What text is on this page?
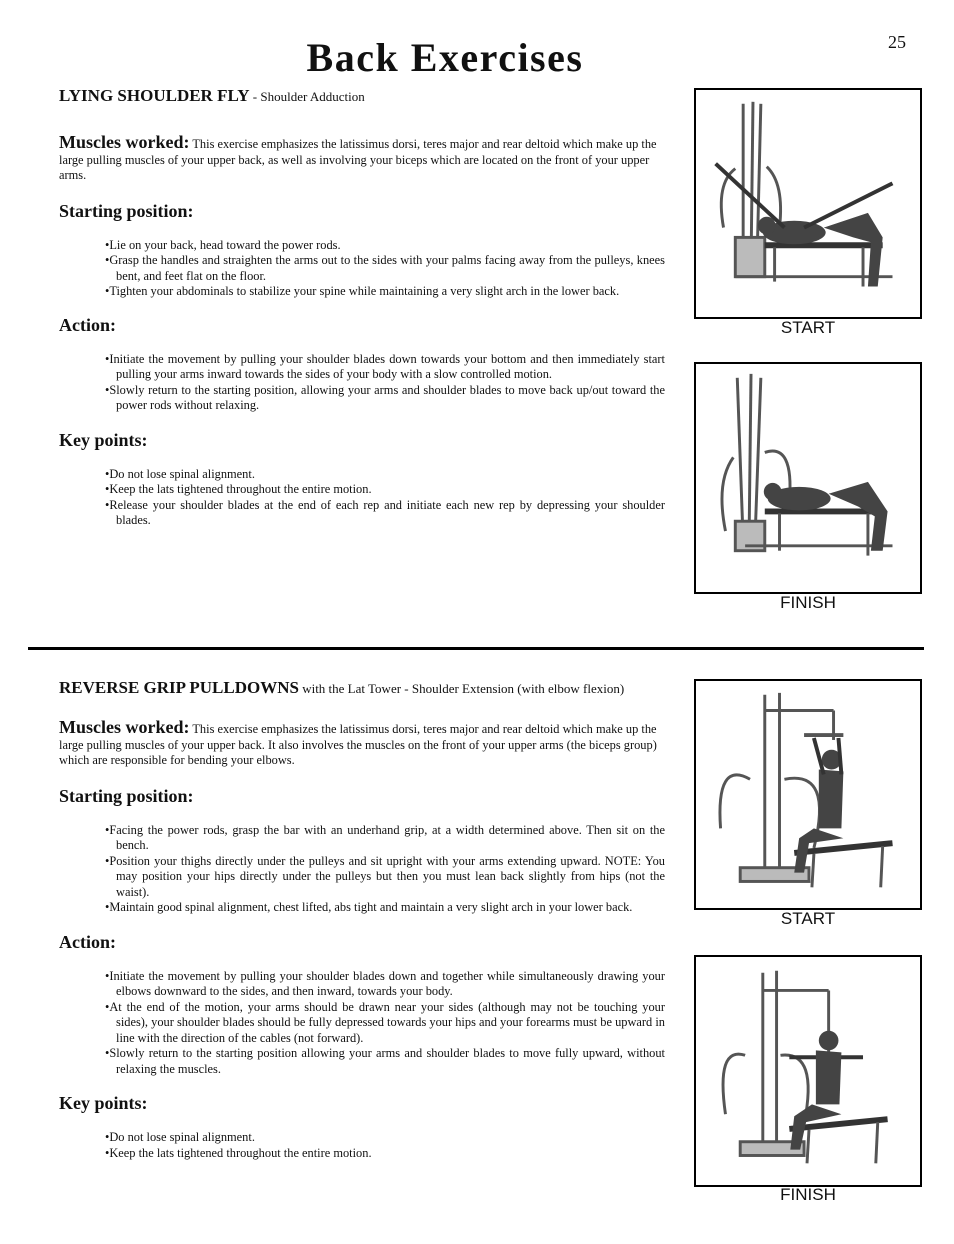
25
Back Exercises

LYING SHOULDER FLY - Shoulder Adduction

Muscles worked: This exercise emphasizes the latissimus dorsi, teres major and rear deltoid which make up the large pulling muscles of your upper back, as well as involving your biceps which are located on the front of your upper arms.

Starting position:

• Lie on your back, head toward the power rods.
• Grasp the handles and straighten the arms out to the sides with your palms facing away from the pulleys, knees bent, and feet flat on the floor.
• Tighten your abdominals to stabilize your spine while maintaining a very slight arch in the lower back.

Action:

• Initiate the movement by pulling your shoulder blades down towards your bottom and then immediately start pulling your arms inward towards the sides of your body with a slow controlled motion.
• Slowly return to the starting position, allowing your arms and shoulder blades to move back up/out toward the power rods without relaxing.

Key points:

• Do not lose spinal alignment.
• Keep the lats tightened throughout the entire motion.
• Release your shoulder blades at the end of each rep and initiate each new rep by depressing your shoulder blades.
START
FINISH

REVERSE GRIP PULLDOWNS with the Lat Tower - Shoulder Extension (with elbow flexion)

Muscles worked: This exercise emphasizes the latissimus dorsi, teres major and rear deltoid which make up the large pulling muscles of your upper back. It also involves the muscles on the front of your upper arms (the biceps group) which are responsible for bending your elbows.

Starting position:

• Facing the power rods, grasp the bar with an underhand grip, at a width determined above. Then sit on the bench.
• Position your thighs directly under the pulleys and sit upright with your arms extending upward. NOTE: You may position your hips directly under the pulleys but then you must lean back slightly from hips (not the waist).
• Maintain good spinal alignment, chest lifted, abs tight and maintain a very slight arch in your lower back.

Action:

• Initiate the movement by pulling your shoulder blades down and together while simultaneously drawing your elbows downward to the sides, and then inward, towards your body.
• At the end of the motion, your arms should be drawn near your sides (although may not be touching your sides), your shoulder blades should be fully depressed towards your hips and your forearms must be upward in line with the direction of the cables (not forward).
• Slowly return to the starting position allowing your arms and shoulder blades to move fully upward, without relaxing the muscles.

Key points:

• Do not lose spinal alignment.
• Keep the lats tightened throughout the entire motion.
START
FINISH
